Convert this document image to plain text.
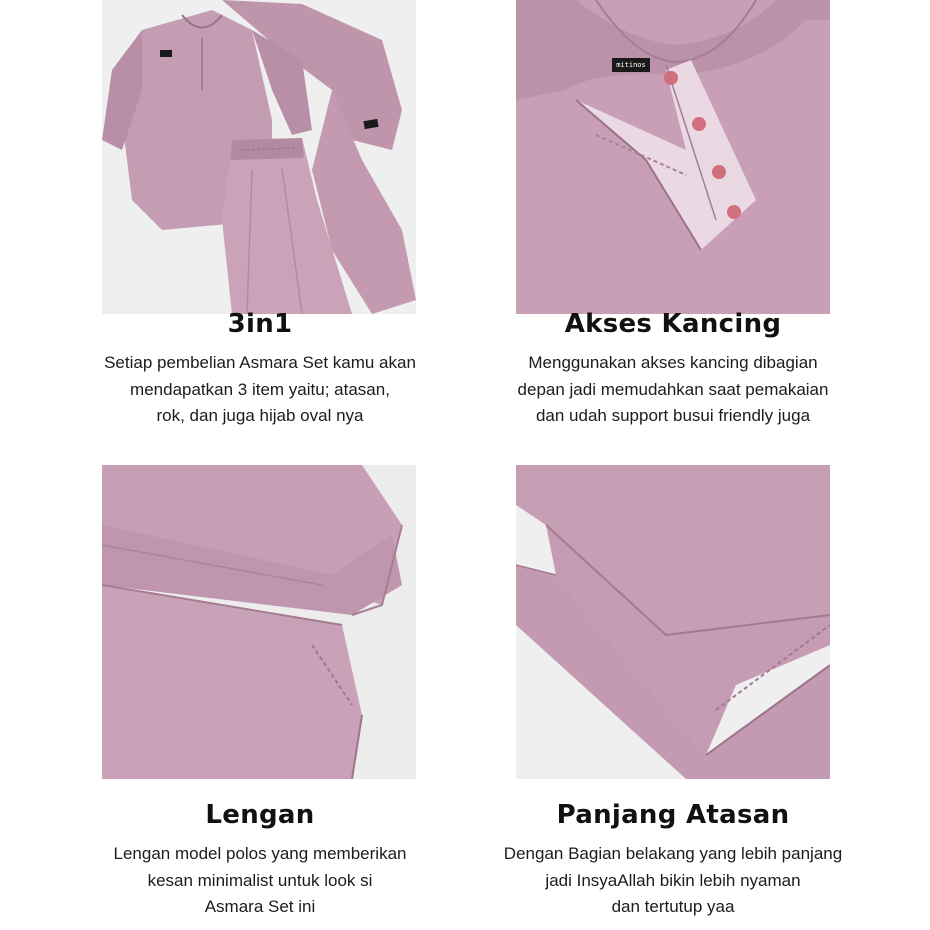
mitinos
3in1
Setiap pembelian Asmara Set kamu akan
mendapatkan 3 item yaitu; atasan,
rok, dan juga hijab oval nya
Akses Kancing
Menggunakan akses kancing dibagian
depan jadi memudahkan saat pemakaian
dan udah support busui friendly juga
Lengan
Lengan model polos yang memberikan
kesan minimalist untuk look si
Asmara Set ini
Panjang Atasan
Dengan Bagian belakang yang lebih panjang
jadi InsyaAllah bikin lebih nyaman
dan tertutup yaa
